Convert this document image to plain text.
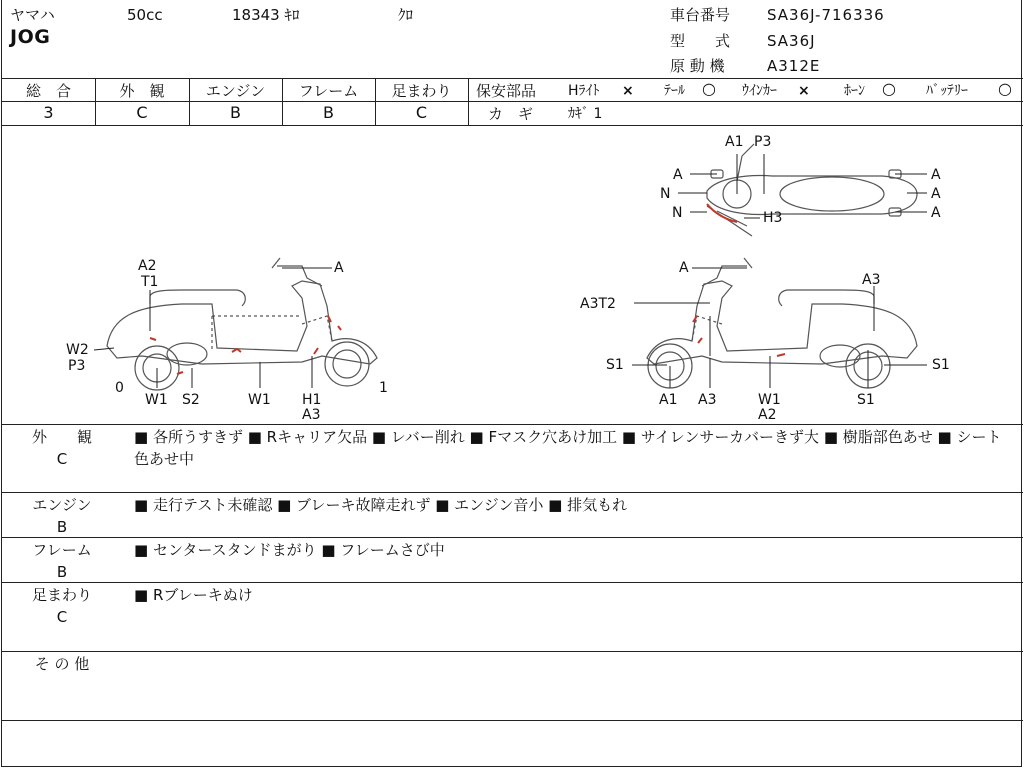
ヤマハ
JOG
50cc	18343 ｷﾛ	ｸﾛ	車台番号 SA36J-716336
型　　式 SA36J
原 動 機	A312E
総　合
3
外　観
C
エンジン
B
フレーム
B
足まわり
C
保安部品 Hﾗｲﾄ × ﾃｰﾙ ○ ｳｲﾝｶｰ × ﾎｰﾝ ○ ﾊﾞｯﾃﾘｰ ○
カ　ギ ｶｷﾞ 1
A
A2
T1
W2
P3
0
W1 S2	W1 H1
A3
1
A
A3T2
A3
S1	S1
A1 A3	W1
A2
S1
A1 P3
A
N
N	H3
A
A
A
外　　観
C
■ 各所うすきず ■ Rキャリア欠品 ■ レバー削れ ■ Fマスク穴あけ加工 ■ サイレンサーカバーきず大 ■ 樹脂部色あせ ■ シート色あせ中
エンジン
B
■ 走行テスト未確認 ■ ブレーキ故障走れず ■ エンジン音小 ■ 排気もれ
フレーム
B
■ センタースタンドまがり ■ フレームさび中
足まわり
C
■ Rブレーキぬけ
そ の 他
